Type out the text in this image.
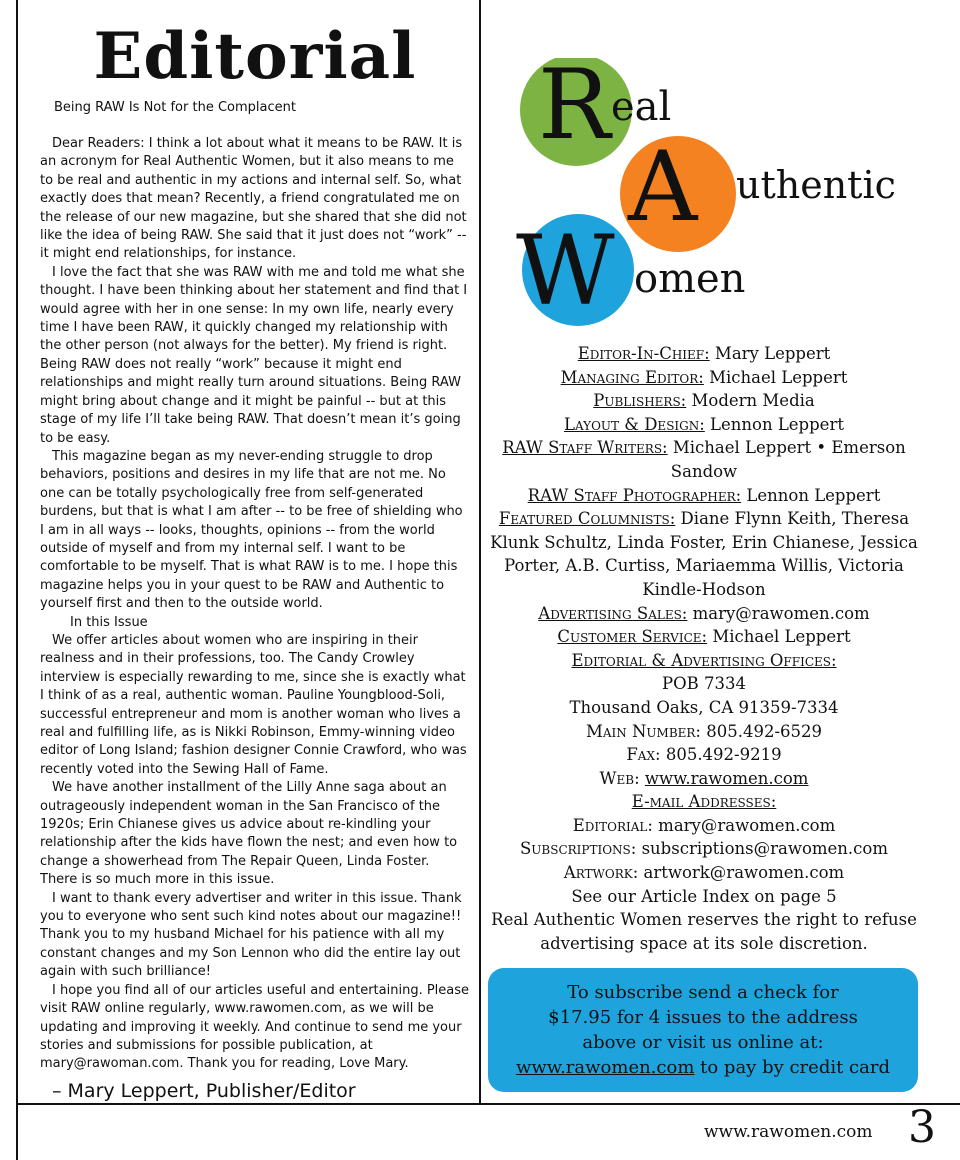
Editorial
Being RAW Is Not for the Complacent

Dear Readers: I think a lot about what it means to be RAW. It is an acronym for Real Authentic Women, but it also means to me to be real and authentic in my actions and internal self. So, what exactly does that mean? Recently, a friend congratulated me on the release of our new magazine, but she shared that she did not like the idea of being RAW. She said that it just does not “work” -- it might end relationships, for instance.

I love the fact that she was RAW with me and told me what she thought. I have been thinking about her statement and find that I would agree with her in one sense: In my own life, nearly every time I have been RAW, it quickly changed my relationship with the other person (not always for the better). My friend is right. Being RAW does not really “work” because it might end relationships and might really turn around situations. Being RAW might bring about change and it might be painful -- but at this stage of my life I’ll take being RAW. That doesn’t mean it’s going to be easy.

This magazine began as my never-ending struggle to drop behaviors, positions and desires in my life that are not me. No one can be totally psychologically free from self-generated burdens, but that is what I am after -- to be free of shielding who I am in all ways -- looks, thoughts, opinions -- from the world outside of myself and from my internal self. I want to be comfortable to be myself. That is what RAW is to me. I hope this magazine helps you in your quest to be RAW and Authentic to yourself first and then to the outside world.

In this Issue

We offer articles about women who are inspiring in their realness and in their professions, too. The Candy Crowley interview is especially rewarding to me, since she is exactly what I think of as a real, authentic woman. Pauline Youngblood-Soli, successful entrepreneur and mom is another woman who lives a real and fulfilling life, as is Nikki Robinson, Emmy-winning video editor of Long Island; fashion designer Connie Crawford, who was recently voted into the Sewing Hall of Fame.

We have another installment of the Lilly Anne saga about an outrageously independent woman in the San Francisco of the 1920s; Erin Chianese gives us advice about re-kindling your relationship after the kids have flown the nest; and even how to change a showerhead from The Repair Queen, Linda Foster. There is so much more in this issue.

I want to thank every advertiser and writer in this issue. Thank you to everyone who sent such kind notes about our magazine!! Thank you to my husband Michael for his patience with all my constant changes and my Son Lennon who did the entire lay out again with such brilliance!

I hope you find all of our articles useful and entertaining. Please visit RAW online regularly, www.rawomen.com, as we will be updating and improving it weekly. And continue to send me your stories and submissions for possible publication, at mary@rawoman.com. Thank you for reading, Love Mary.

– Mary Leppert, Publisher/Editor
R eal
A uthentic
W omen
Editor-In-Chief: Mary Leppert
Managing Editor: Michael Leppert
Publishers: Modern Media
Layout & Design: Lennon Leppert
RAW Staff Writers: Michael Leppert • Emerson Sandow
RAW Staff Photographer: Lennon Leppert
Featured Columnists: Diane Flynn Keith, Theresa Klunk Schultz, Linda Foster, Erin Chianese, Jessica Porter, A.B. Curtiss, Mariaemma Willis, Victoria Kindle-Hodson
Advertising Sales: mary@rawomen.com
Customer Service: Michael Leppert
Editorial & Advertising Offices:
POB 7334
Thousand Oaks, CA 91359-7334
Main Number: 805.492-6529
Fax: 805.492-9219
Web: www.rawomen.com
E-mail Addresses:
Editorial: mary@rawomen.com
Subscriptions: subscriptions@rawomen.com
Artwork: artwork@rawomen.com
See our Article Index on page 5
Real Authentic Women reserves the right to refuse advertising space at its sole discretion.
To subscribe send a check for
$17.95 for 4 issues to the address
above or visit us online at:
www.rawomen.com to pay by credit card
www.rawomen.com 3
